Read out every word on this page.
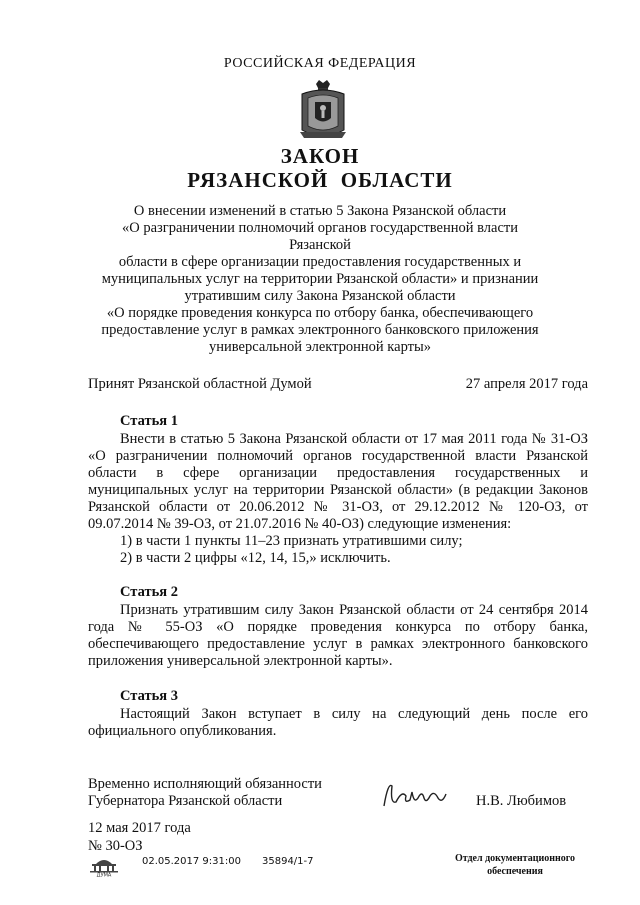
РОССИЙСКАЯ ФЕДЕРАЦИЯ
ЗАКОН
РЯЗАНСКОЙ  ОБЛАСТИ
О внесении изменений в статью 5 Закона Рязанской области
«О разграничении полномочий органов государственной власти Рязанской
области в сфере организации предоставления государственных и
муниципальных услуг на территории Рязанской области» и признании
утратившим силу Закона Рязанской области
«О порядке проведения конкурса по отбору банка, обеспечивающего
предоставление услуг в рамках электронного банковского приложения
универсальной электронной карты»
Принят Рязанской областной Думой	27 апреля 2017 года
Статья 1
Внести в статью 5 Закона Рязанской области от 17 мая 2011 года № 31-ОЗ «О разграничении полномочий органов государственной власти Рязанской области в сфере организации предоставления государственных и муниципальных услуг на территории Рязанской области» (в редакции Законов Рязанской области от 20.06.2012 № 31-ОЗ, от 29.12.2012 № 120-ОЗ, от 09.07.2014 № 39-ОЗ, от 21.07.2016 № 40-ОЗ) следующие изменения:
1) в части 1 пункты 11–23 признать утратившими силу;
2) в части 2 цифры «12, 14, 15,» исключить.
Статья 2
Признать утратившим силу Закон Рязанской области от 24 сентября 2014 года № 55-ОЗ «О порядке проведения конкурса по отбору банка, обеспечивающего предоставление услуг в рамках электронного банковского приложения универсальной электронной карты».
Статья 3
Настоящий Закон вступает в силу на следующий день после его официального опубликования.
Временно исполняющий обязанности
Губернатора Рязанской области	Н.В. Любимов
12 мая 2017 года
№ 30-ОЗ
ДУМА
02.05.2017 9:31:00 35894/1-7	Отдел документационного
обеспечения
